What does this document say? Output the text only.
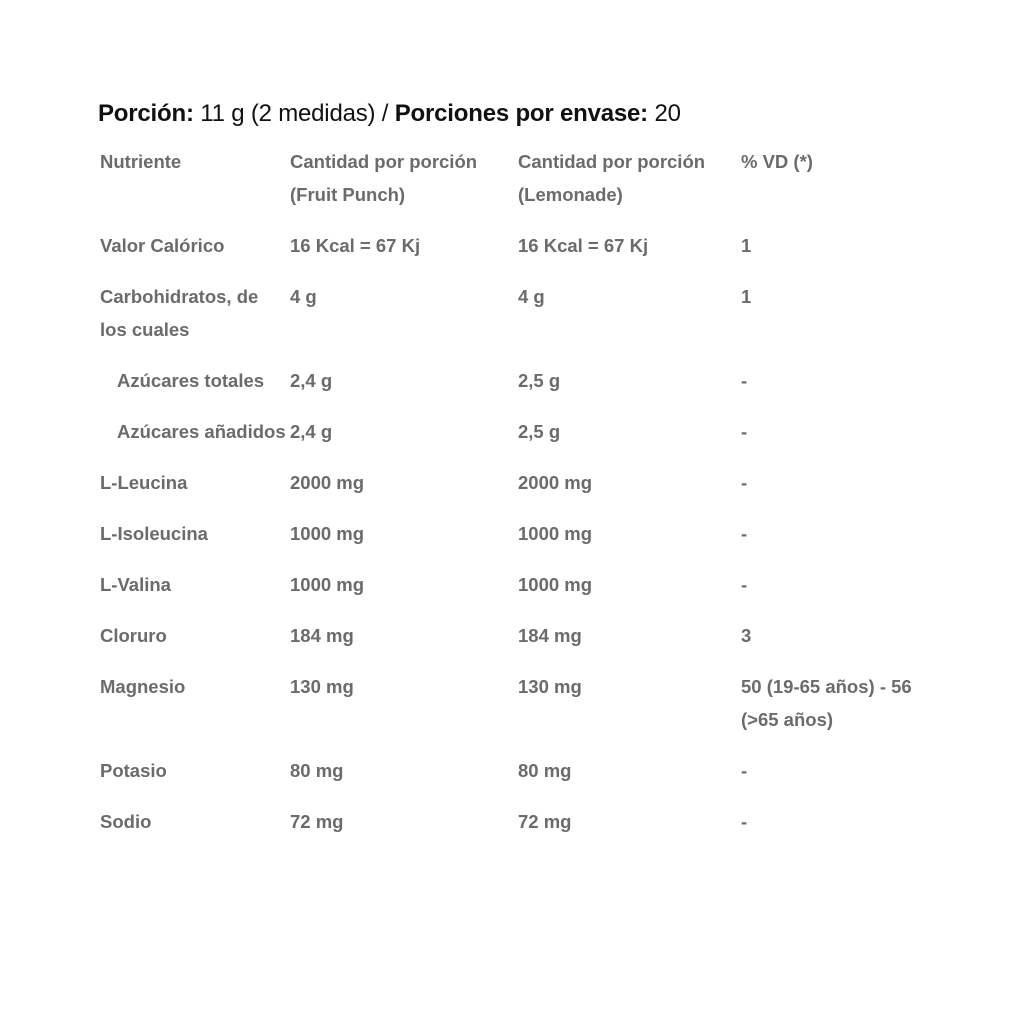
Porción: 11 g (2 medidas) / Porciones por envase: 20
Nutriente	Cantidad por porción (Fruit Punch)	Cantidad por porción (Lemonade)	% VD (*)
Valor Calórico	16 Kcal = 67 Kj	16 Kcal = 67 Kj	1
Carbohidratos, de los cuales	4 g	4 g	1
Azúcares totales	2,4 g	2,5 g	-
Azúcares añadidos	2,4 g	2,5 g	-
L-Leucina	2000 mg	2000 mg	-
L-Isoleucina	1000 mg	1000 mg	-
L-Valina	1000 mg	1000 mg	-
Cloruro	184 mg	184 mg	3
Magnesio	130 mg	130 mg	50 (19-65 años) - 56 (>65 años)
Potasio	80 mg	80 mg	-
Sodio	72 mg	72 mg	-
